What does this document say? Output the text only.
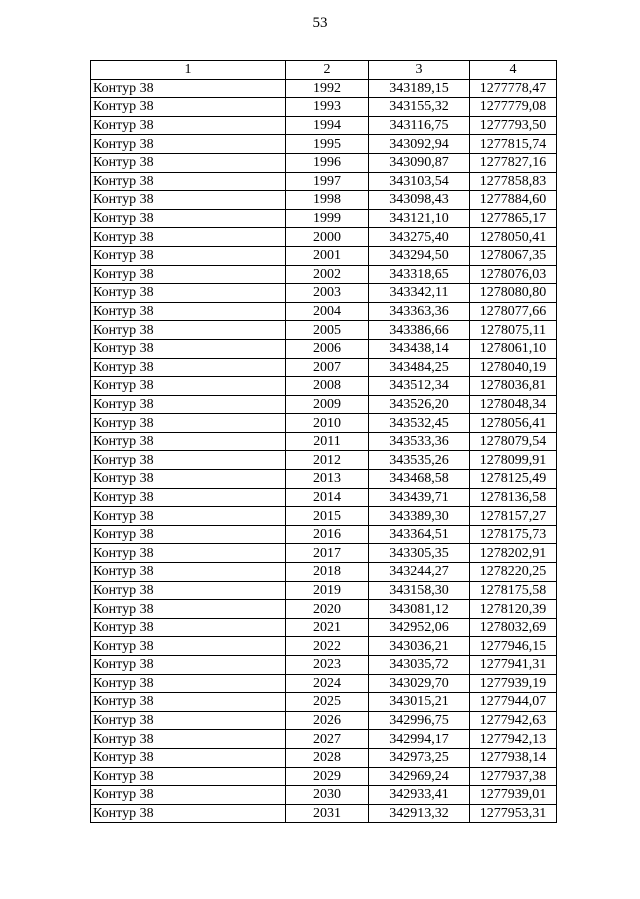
53
1	2	3	4
Контур 38	1992	343189,15	1277778,47
Контур 38	1993	343155,32	1277779,08
Контур 38	1994	343116,75	1277793,50
Контур 38	1995	343092,94	1277815,74
Контур 38	1996	343090,87	1277827,16
Контур 38	1997	343103,54	1277858,83
Контур 38	1998	343098,43	1277884,60
Контур 38	1999	343121,10	1277865,17
Контур 38	2000	343275,40	1278050,41
Контур 38	2001	343294,50	1278067,35
Контур 38	2002	343318,65	1278076,03
Контур 38	2003	343342,11	1278080,80
Контур 38	2004	343363,36	1278077,66
Контур 38	2005	343386,66	1278075,11
Контур 38	2006	343438,14	1278061,10
Контур 38	2007	343484,25	1278040,19
Контур 38	2008	343512,34	1278036,81
Контур 38	2009	343526,20	1278048,34
Контур 38	2010	343532,45	1278056,41
Контур 38	2011	343533,36	1278079,54
Контур 38	2012	343535,26	1278099,91
Контур 38	2013	343468,58	1278125,49
Контур 38	2014	343439,71	1278136,58
Контур 38	2015	343389,30	1278157,27
Контур 38	2016	343364,51	1278175,73
Контур 38	2017	343305,35	1278202,91
Контур 38	2018	343244,27	1278220,25
Контур 38	2019	343158,30	1278175,58
Контур 38	2020	343081,12	1278120,39
Контур 38	2021	342952,06	1278032,69
Контур 38	2022	343036,21	1277946,15
Контур 38	2023	343035,72	1277941,31
Контур 38	2024	343029,70	1277939,19
Контур 38	2025	343015,21	1277944,07
Контур 38	2026	342996,75	1277942,63
Контур 38	2027	342994,17	1277942,13
Контур 38	2028	342973,25	1277938,14
Контур 38	2029	342969,24	1277937,38
Контур 38	2030	342933,41	1277939,01
Контур 38	2031	342913,32	1277953,31
